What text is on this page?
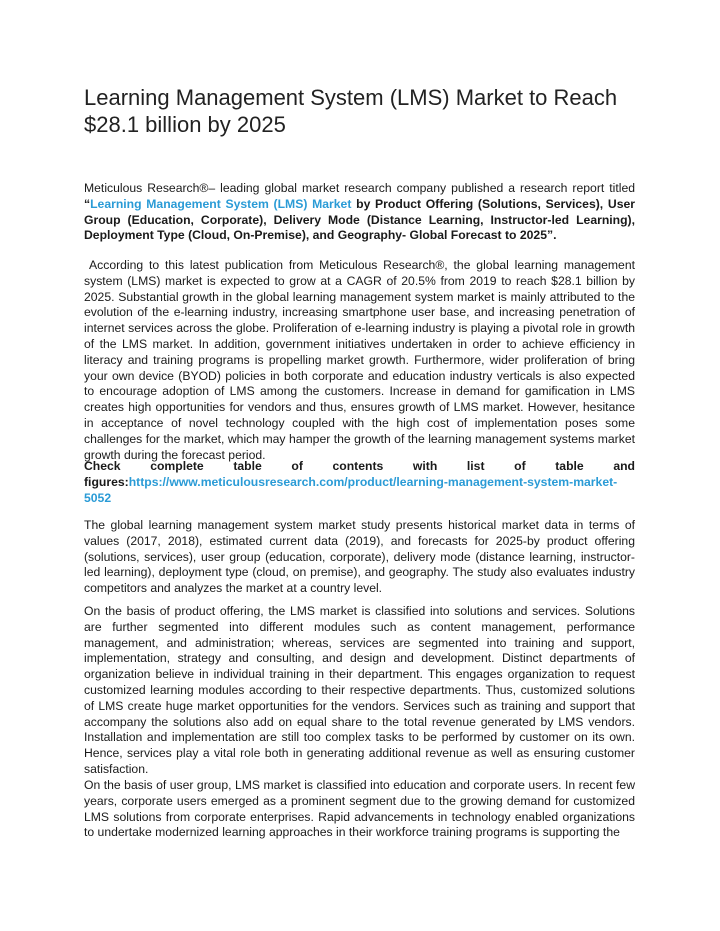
Learning Management System (LMS) Market to Reach $28.1 billion by 2025

Meticulous Research®– leading global market research company published a research report titled “Learning Management System (LMS) Market by Product Offering (Solutions, Services), User Group (Education, Corporate), Delivery Mode (Distance Learning, Instructor-led Learning), Deployment Type (Cloud, On-Premise), and Geography- Global Forecast to 2025”.

According to this latest publication from Meticulous Research®, the global learning management system (LMS) market is expected to grow at a CAGR of 20.5% from 2019 to reach $28.1 billion by 2025. Substantial growth in the global learning management system market is mainly attributed to the evolution of the e-learning industry, increasing smartphone user base, and increasing penetration of internet services across the globe. Proliferation of e-learning industry is playing a pivotal role in growth of the LMS market. In addition, government initiatives undertaken in order to achieve efficiency in literacy and training programs is propelling market growth. Furthermore, wider proliferation of bring your own device (BYOD) policies in both corporate and education industry verticals is also expected to encourage adoption of LMS among the customers. Increase in demand for gamification in LMS creates high opportunities for vendors and thus, ensures growth of LMS market. However, hesitance in acceptance of novel technology coupled with the high cost of implementation poses some challenges for the market, which may hamper the growth of the learning management systems market growth during the forecast period.

Check complete table of contents with list of table and
figures:https://www.meticulousresearch.com/product/learning-management-system-market-5052

The global learning management system market study presents historical market data in terms of values (2017, 2018), estimated current data (2019), and forecasts for 2025-by product offering (solutions, services), user group (education, corporate), delivery mode (distance learning, instructor-led learning), deployment type (cloud, on premise), and geography. The study also evaluates industry competitors and analyzes the market at a country level.

On the basis of product offering, the LMS market is classified into solutions and services. Solutions are further segmented into different modules such as content management, performance management, and administration; whereas, services are segmented into training and support, implementation, strategy and consulting, and design and development. Distinct departments of organization believe in individual training in their department. This engages organization to request customized learning modules according to their respective departments. Thus, customized solutions of LMS create huge market opportunities for the vendors. Services such as training and support that accompany the solutions also add on equal share to the total revenue generated by LMS vendors. Installation and implementation are still too complex tasks to be performed by customer on its own. Hence, services play a vital role both in generating additional revenue as well as ensuring customer satisfaction.

On the basis of user group, LMS market is classified into education and corporate users. In recent few years, corporate users emerged as a prominent segment due to the growing demand for customized LMS solutions from corporate enterprises. Rapid advancements in technology enabled organizations to undertake modernized learning approaches in their workforce training programs is supporting the
